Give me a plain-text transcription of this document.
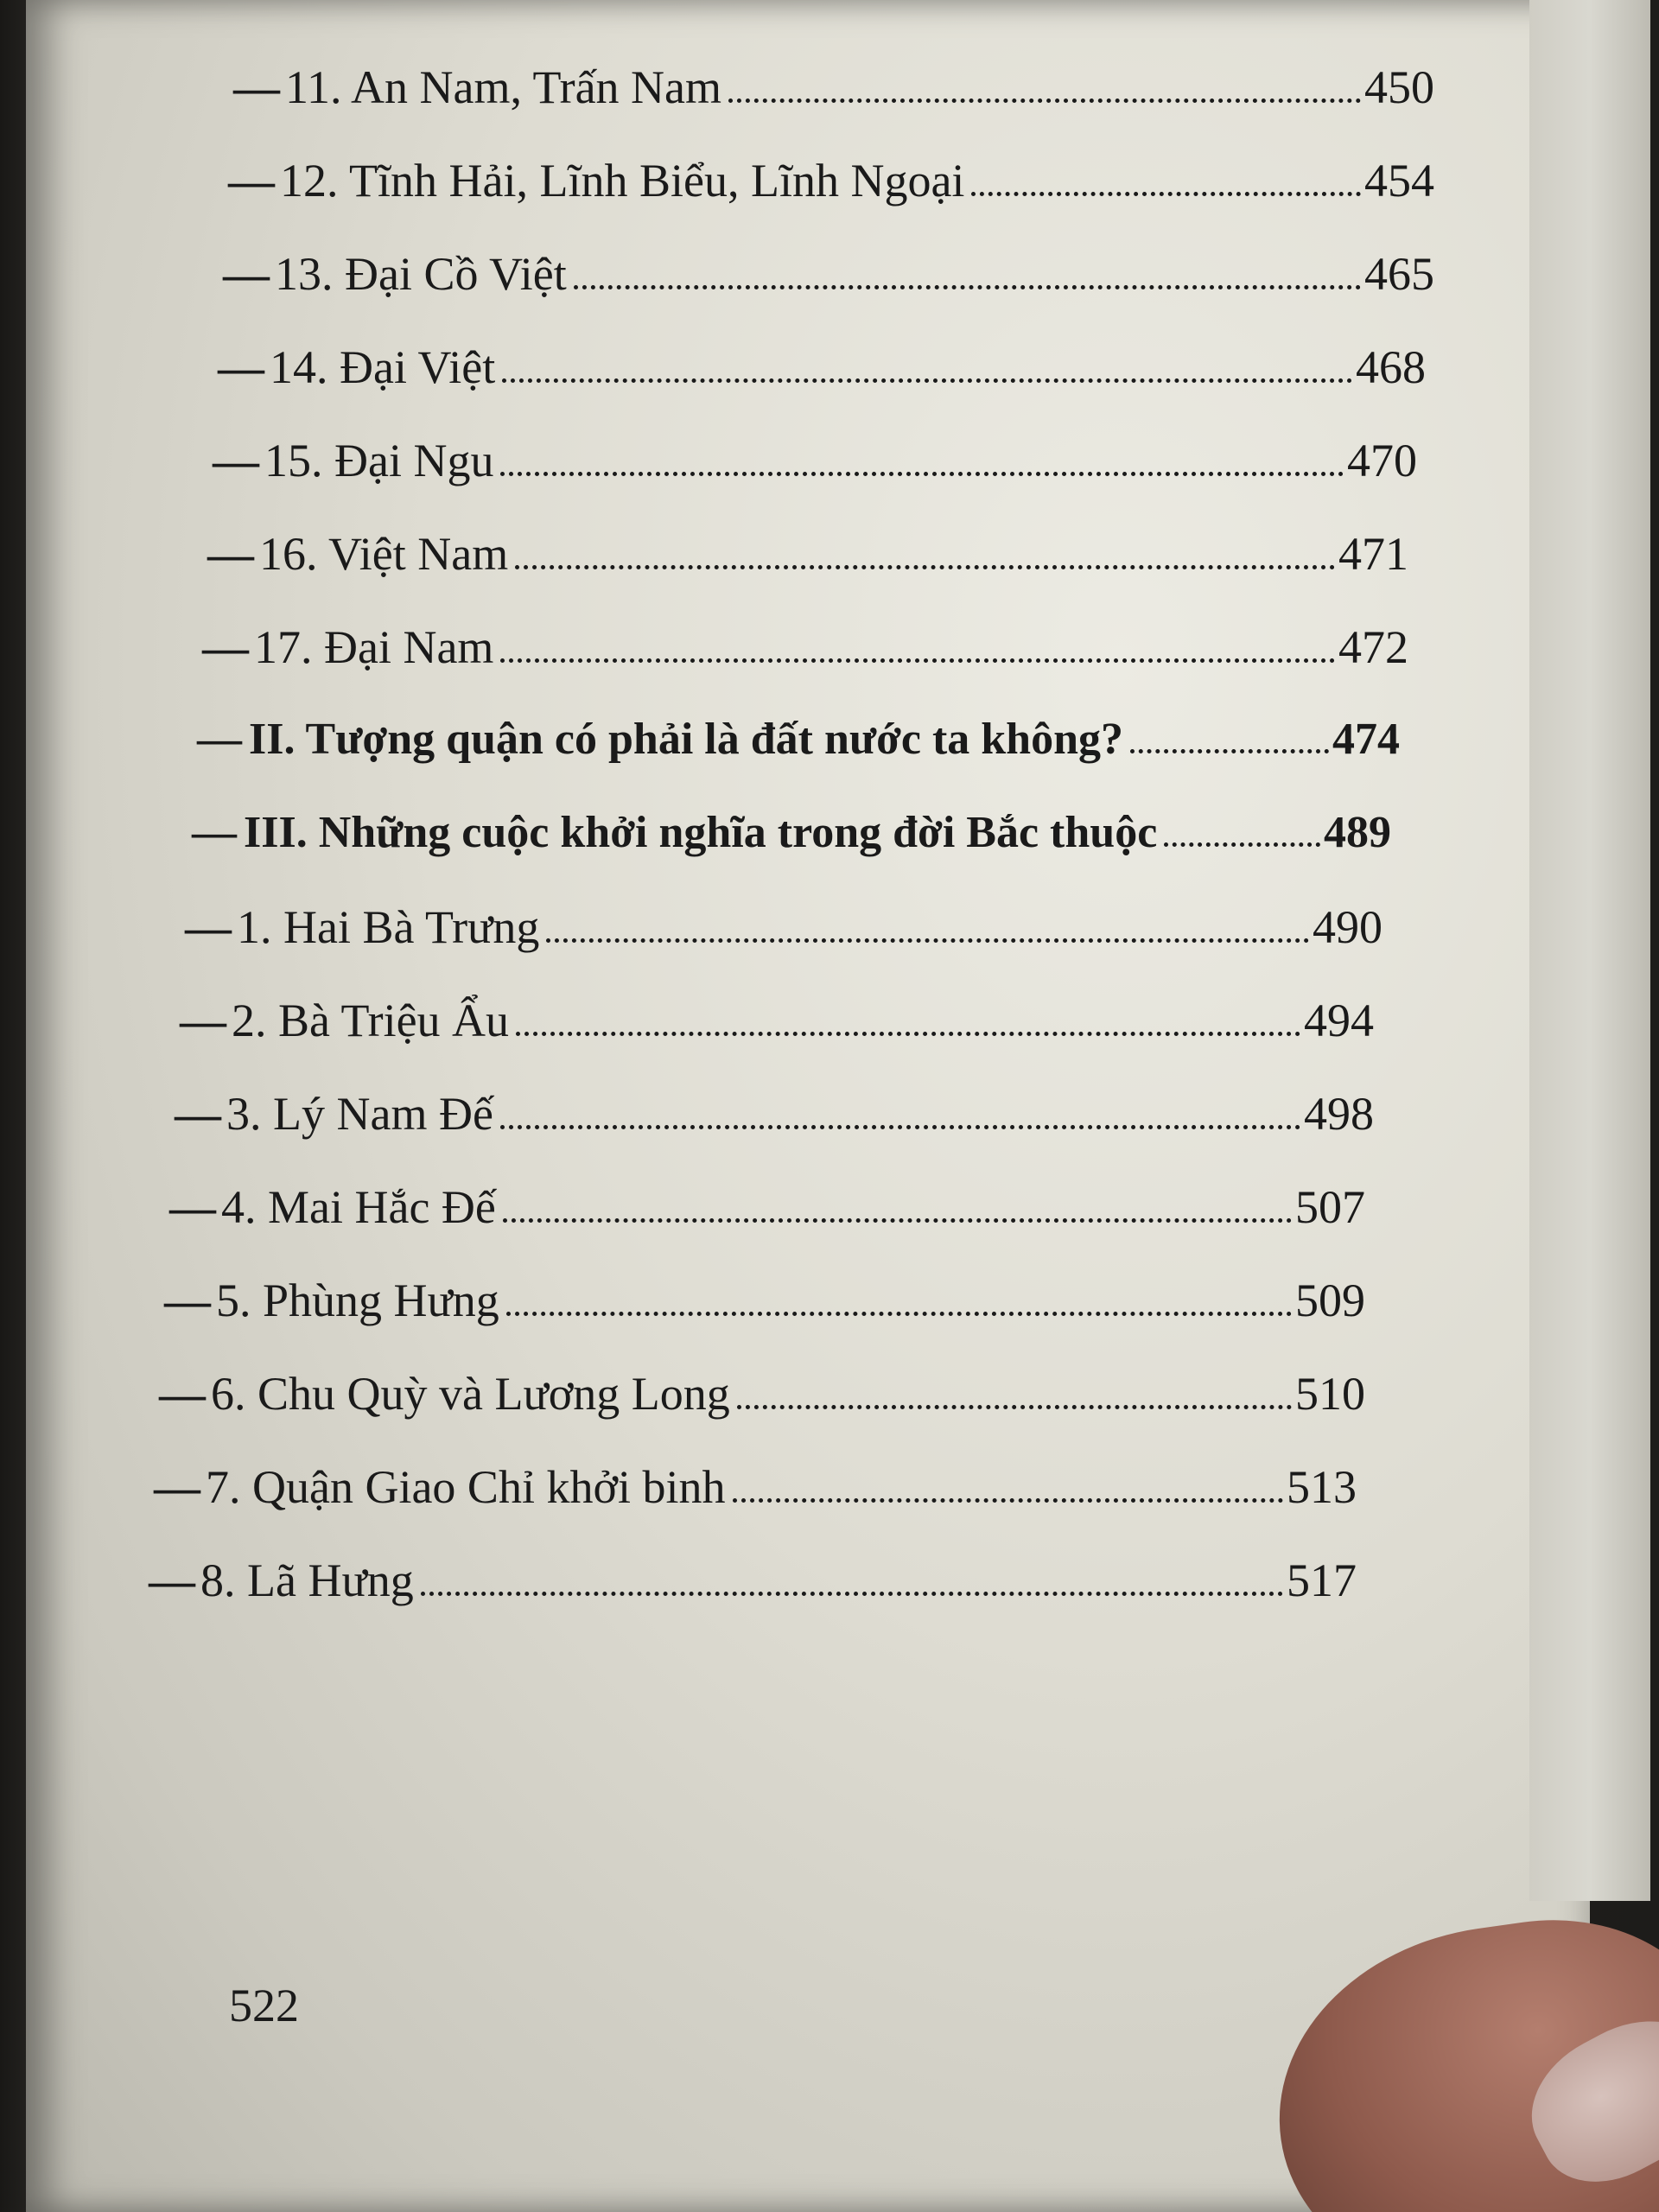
— 11. An Nam, Trấn Nam	450
— 12. Tĩnh Hải, Lĩnh Biểu, Lĩnh Ngoại	454
— 13. Đại Cồ Việt	465
— 14. Đại Việt	468
— 15. Đại Ngu	470
— 16. Việt Nam	471
— 17. Đại Nam	472
— II. Tượng quận có phải là đất nước ta không?	474
— III. Những cuộc khởi nghĩa trong đời Bắc thuộc	489
— 1. Hai Bà Trưng	490
— 2. Bà Triệu Ẩu	494
— 3. Lý Nam Đế	498
— 4. Mai Hắc Đế	507
— 5. Phùng Hưng	509
— 6. Chu Quỳ và Lương Long	510
— 7. Quận Giao Chỉ khởi binh	513
— 8. Lã Hưng	517
522
